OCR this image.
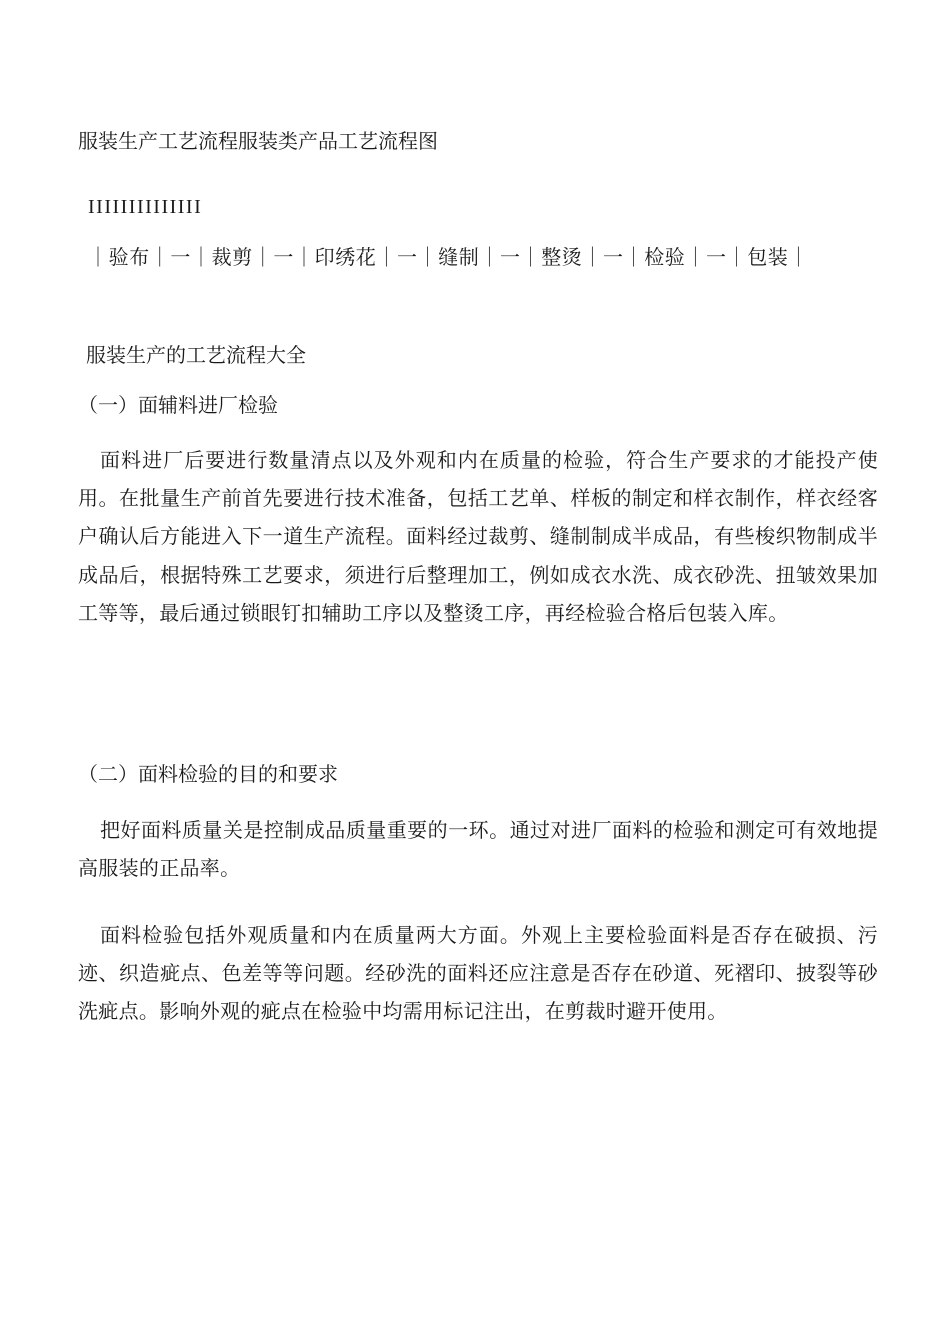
服装生产工艺流程服装类产品工艺流程图

IIIIIIIIIIIIII

｜验布｜一｜裁剪｜一｜印绣花｜一｜缝制｜一｜整烫｜一｜检验｜一｜包装｜

服装生产的工艺流程大全

（一）面辅料进厂检验

面料进厂后要进行数量清点以及外观和内在质量的检验，符合生产要求的才能投产使用。在批量生产前首先要进行技术准备，包括工艺单、样板的制定和样衣制作，样衣经客户确认后方能进入下一道生产流程。面料经过裁剪、缝制制成半成品，有些梭织物制成半成品后，根据特殊工艺要求，须进行后整理加工，例如成衣水洗、成衣砂洗、扭皱效果加工等等，最后通过锁眼钉扣辅助工序以及整烫工序，再经检验合格后包装入库。

（二）面料检验的目的和要求

把好面料质量关是控制成品质量重要的一环。通过对进厂面料的检验和测定可有效地提高服装的正品率。

面料检验包括外观质量和内在质量两大方面。外观上主要检验面料是否存在破损、污迹、织造疵点、色差等等问题。经砂洗的面料还应注意是否存在砂道、死褶印、披裂等砂洗疵点。影响外观的疵点在检验中均需用标记注出，在剪裁时避开使用。
